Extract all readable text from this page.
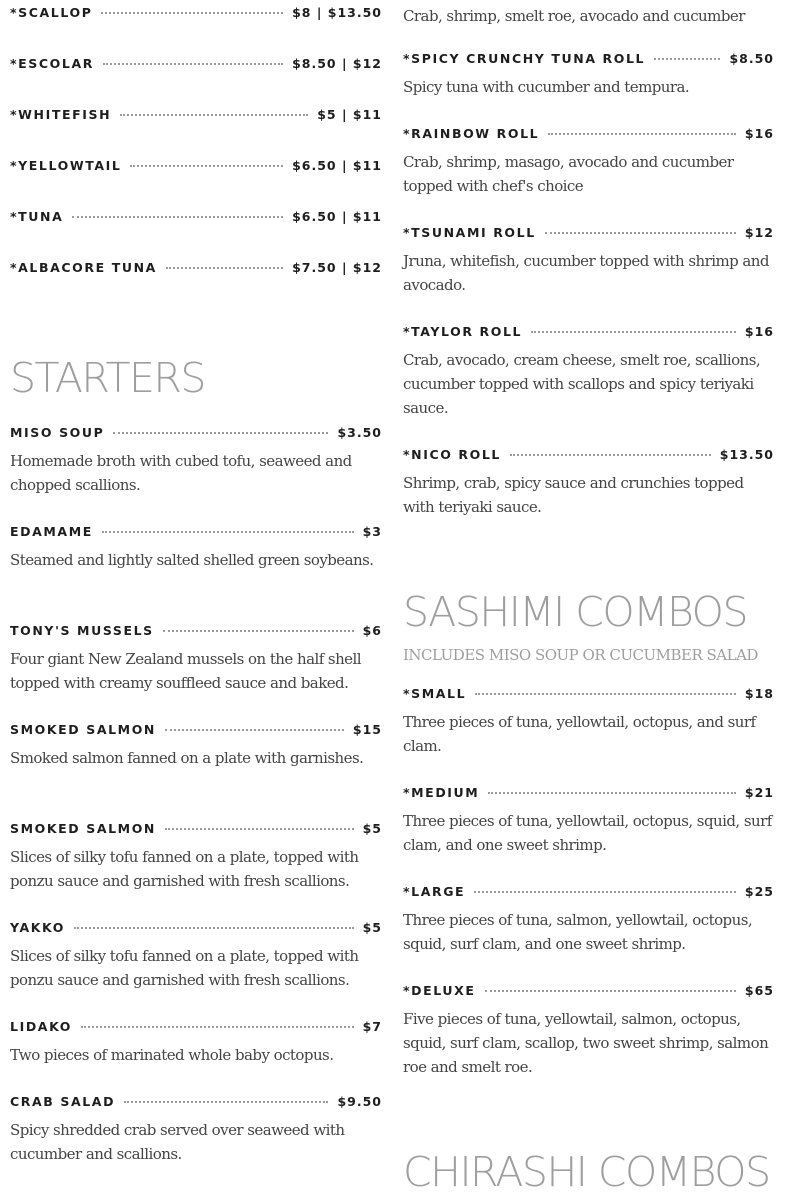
*SCALLOP	$8 | $13.50
*ESCOLAR	$8.50 | $12
*WHITEFISH	$5 | $11
*YELLOWTAIL	$6.50 | $11
*TUNA	$6.50 | $11
*ALBACORE TUNA	$7.50 | $12
STARTERS
MISO SOUP	$3.50

Homemade broth with cubed tofu, seaweed and chopped scallions.

EDAMAME	$3

Steamed and lightly salted shelled green soybeans.

TONY'S MUSSELS	$6

Four giant New Zealand mussels on the half shell topped with creamy souffleed sauce and baked.

SMOKED SALMON	$15

Smoked salmon fanned on a plate with garnishes.

SMOKED SALMON	$5

Slices of silky tofu fanned on a plate, topped with ponzu sauce and garnished with fresh scallions.

YAKKO	$5

Slices of silky tofu fanned on a plate, topped with ponzu sauce and garnished with fresh scallions.

LIDAKO	$7

Two pieces of marinated whole baby octopus.

CRAB SALAD	$9.50

Spicy shredded crab served over seaweed with cucumber and scallions.

Crab, shrimp, smelt roe, avocado and cucumber

*SPICY CRUNCHY TUNA ROLL	$8.50

Spicy tuna with cucumber and tempura.

*RAINBOW ROLL	$16

Crab, shrimp, masago, avocado and cucumber topped with chef's choice

*TSUNAMI ROLL	$12

Jruna, whitefish, cucumber topped with shrimp and avocado.

*TAYLOR ROLL	$16

Crab, avocado, cream cheese, smelt roe, scallions, cucumber topped with scallops and spicy teriyaki sauce.

*NICO ROLL	$13.50

Shrimp, crab, spicy sauce and crunchies topped with teriyaki sauce.

SASHIMI COMBOS

INCLUDES MISO SOUP OR CUCUMBER SALAD

*SMALL	$18

Three pieces of tuna, yellowtail, octopus, and surf clam.

*MEDIUM	$21

Three pieces of tuna, yellowtail, octopus, squid, surf clam, and one sweet shrimp.

*LARGE	$25

Three pieces of tuna, salmon, yellowtail, octopus, squid, surf clam, and one sweet shrimp.

*DELUXE	$65

Five pieces of tuna, yellowtail, salmon, octopus, squid, surf clam, scallop, two sweet shrimp, salmon roe and smelt roe.

CHIRASHI COMBOS
